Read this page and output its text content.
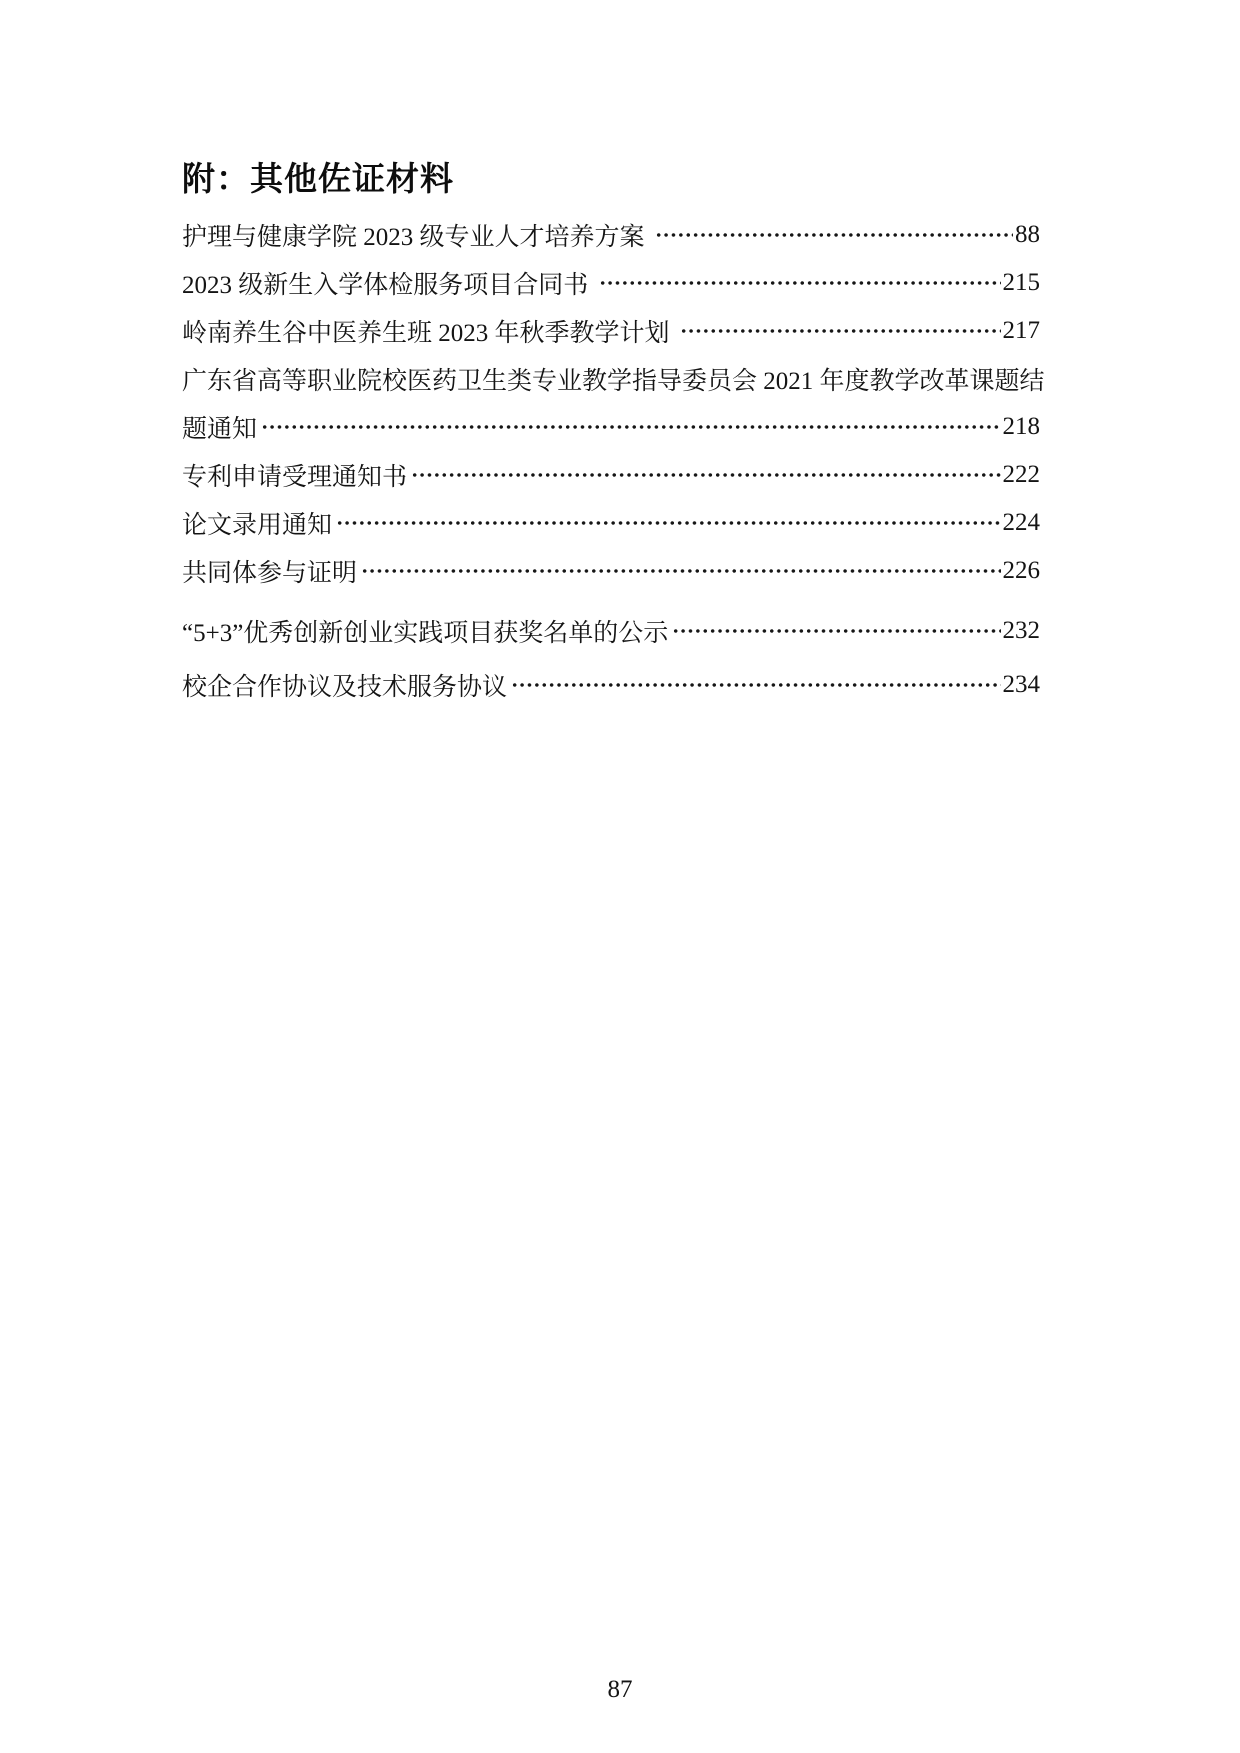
附：其他佐证材料
护理与健康学院 2023 级专业人才培养方案	88
2023 级新生入学体检服务项目合同书	215
岭南养生谷中医养生班 2023 年秋季教学计划	217
广东省高等职业院校医药卫生类专业教学指导委员会 2021 年度教学改革课题结
题通知	218
专利申请受理通知书	222
论文录用通知	224
共同体参与证明	226
“5+3”优秀创新创业实践项目获奖名单的公示	232
校企合作协议及技术服务协议	234
87
